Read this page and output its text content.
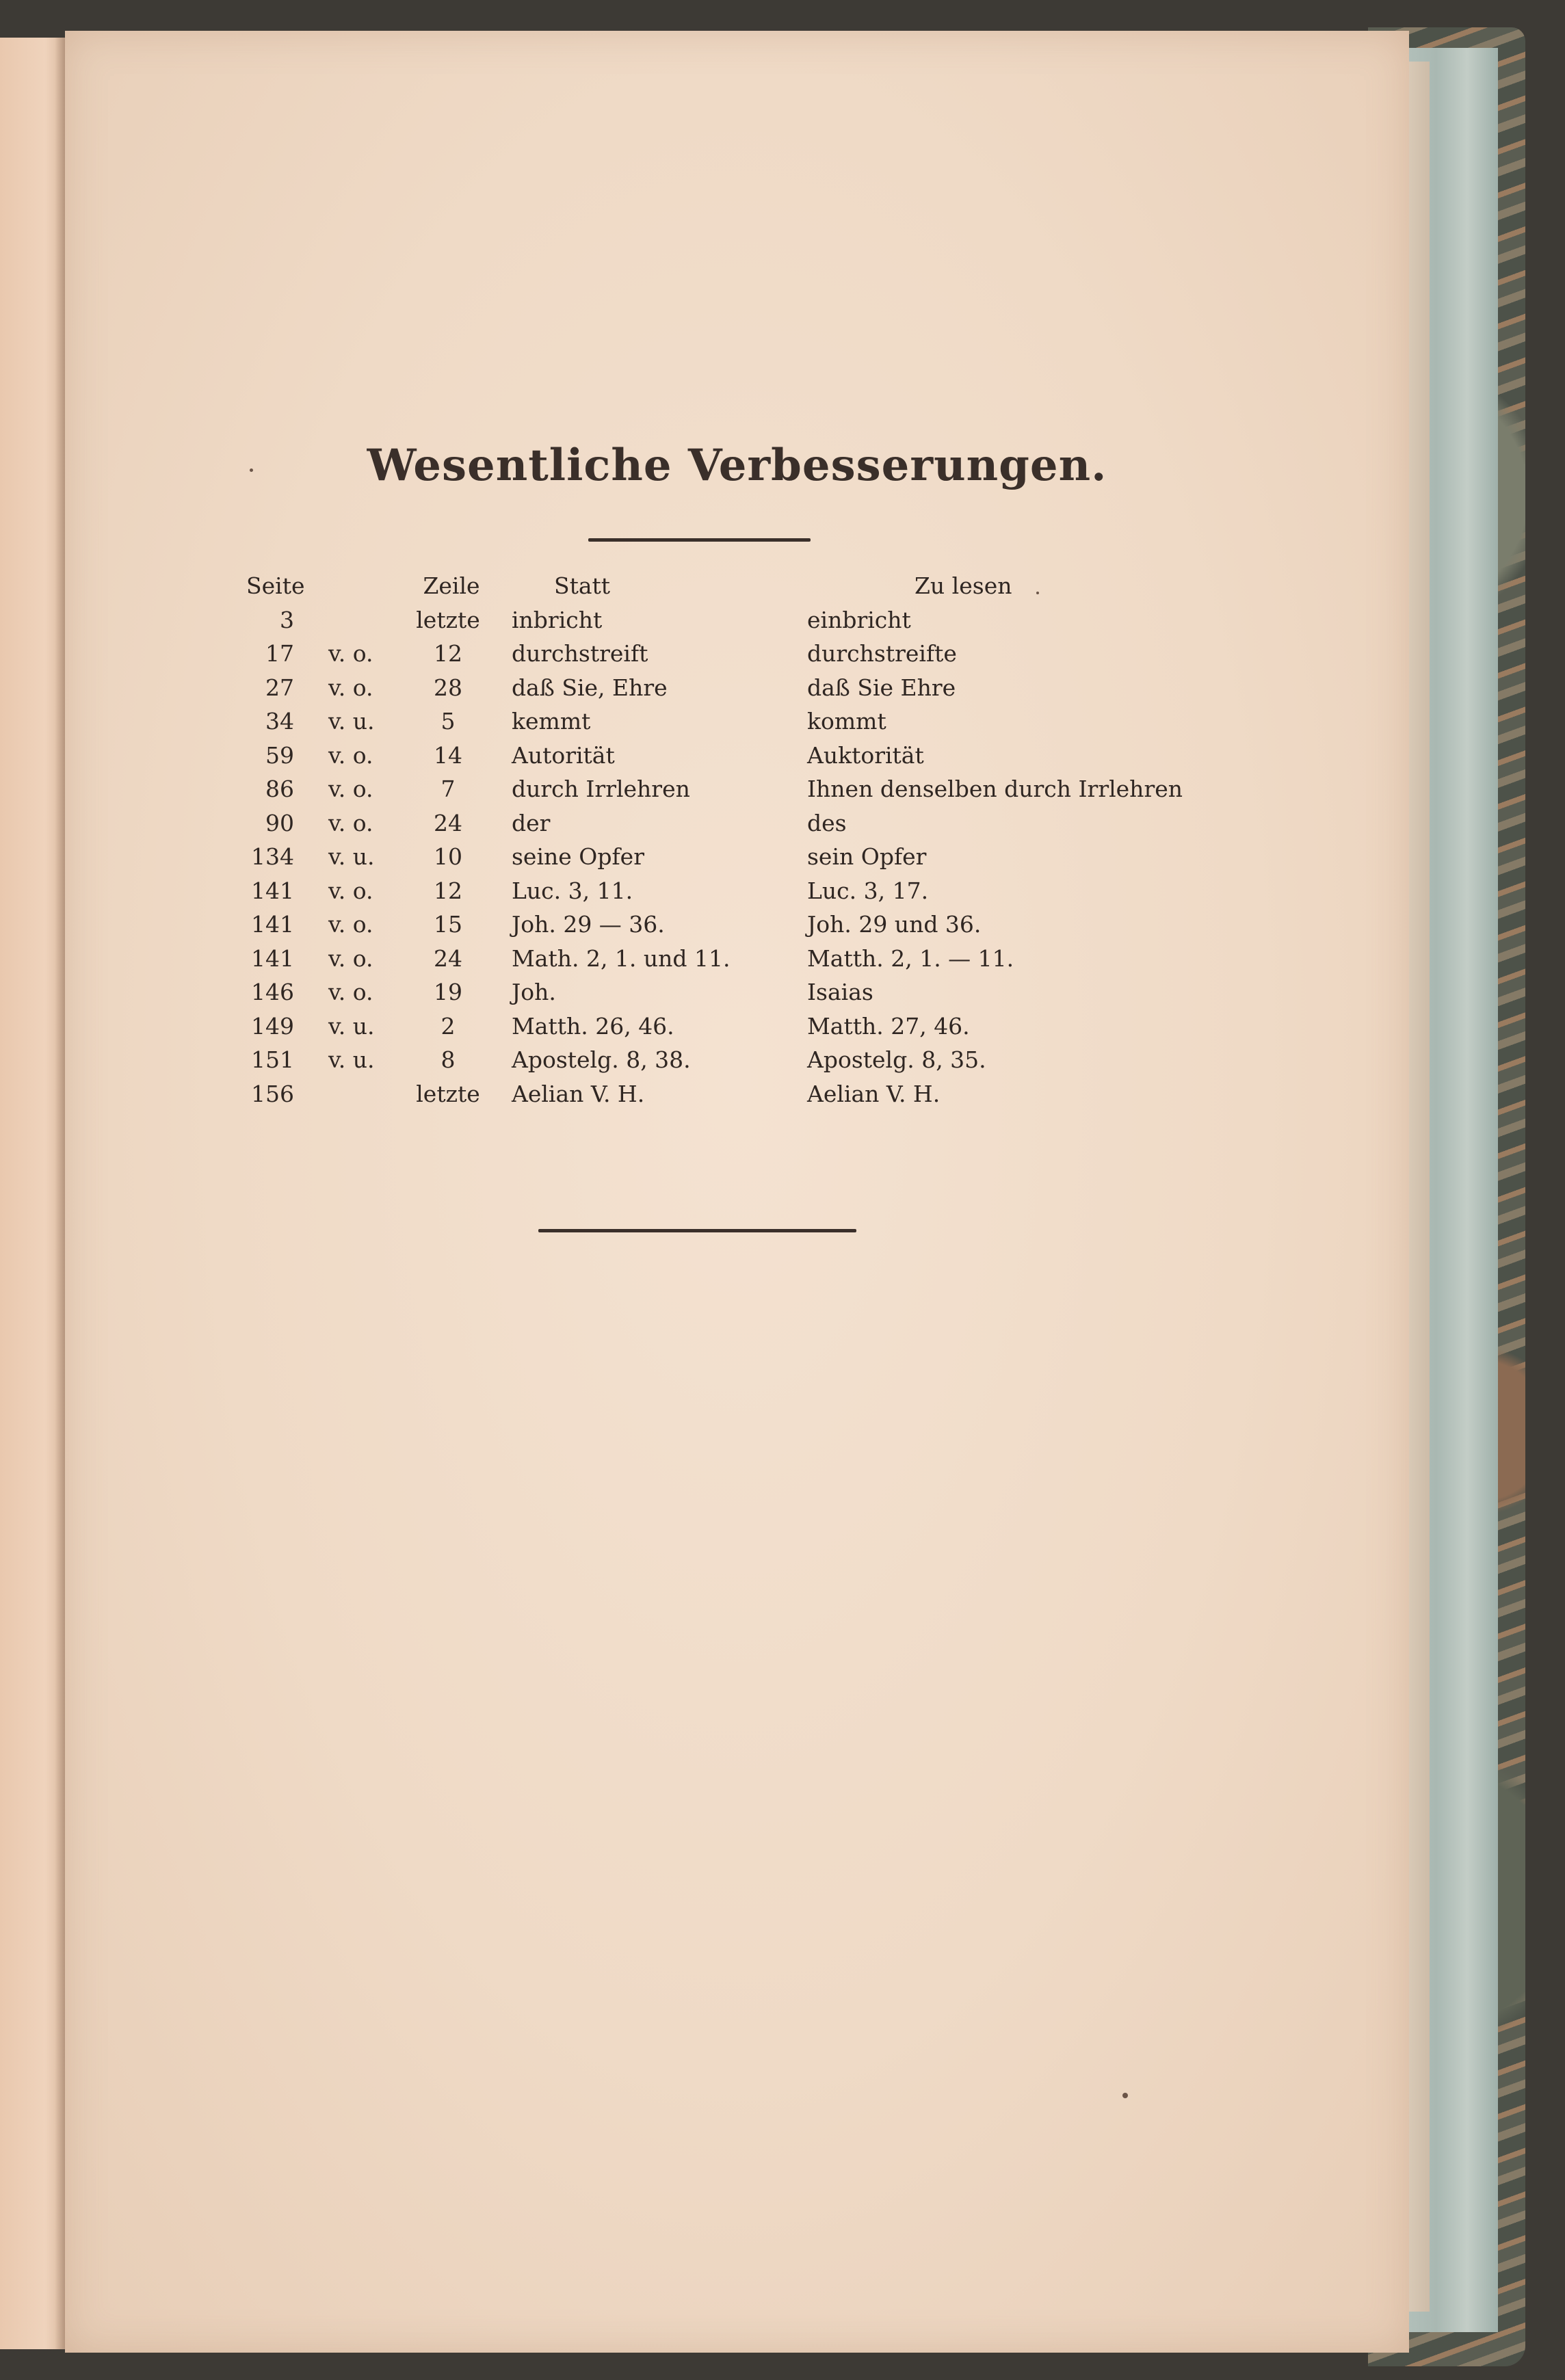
Wesentliche Verbesserungen.
Seite	Zeile	Statt	Zu lesen
3	letzte	inbricht	einbricht
17 v. o.	12	durchstreift	durchstreifte
27 v. o.	28	daß Sie, Ehre	daß Sie Ehre
34 v. u.	5	kemmt	kommt
59 v. o.	14	Autorität	Auktorität
86 v. o.	7	durch Irrlehren	Ihnen denselben durch Irrlehren
90 v. o.	24	der	des
134 v. u.	10	seine Opfer	sein Opfer
141 v. o.	12	Luc. 3, 11.	Luc. 3, 17.
141 v. o.	15	Joh. 29 — 36.	Joh. 29 und 36.
141 v. o.	24	Math. 2, 1. und 11.	Matth. 2, 1. — 11.
146 v. o.	19	Joh.	Isaias
149 v. u.	2	Matth. 26, 46.	Matth. 27, 46.
151 v. u.	8	Apostelg. 8, 38.	Apostelg. 8, 35.
156	letzte	Aelian V. H.	Aelian V. H.
